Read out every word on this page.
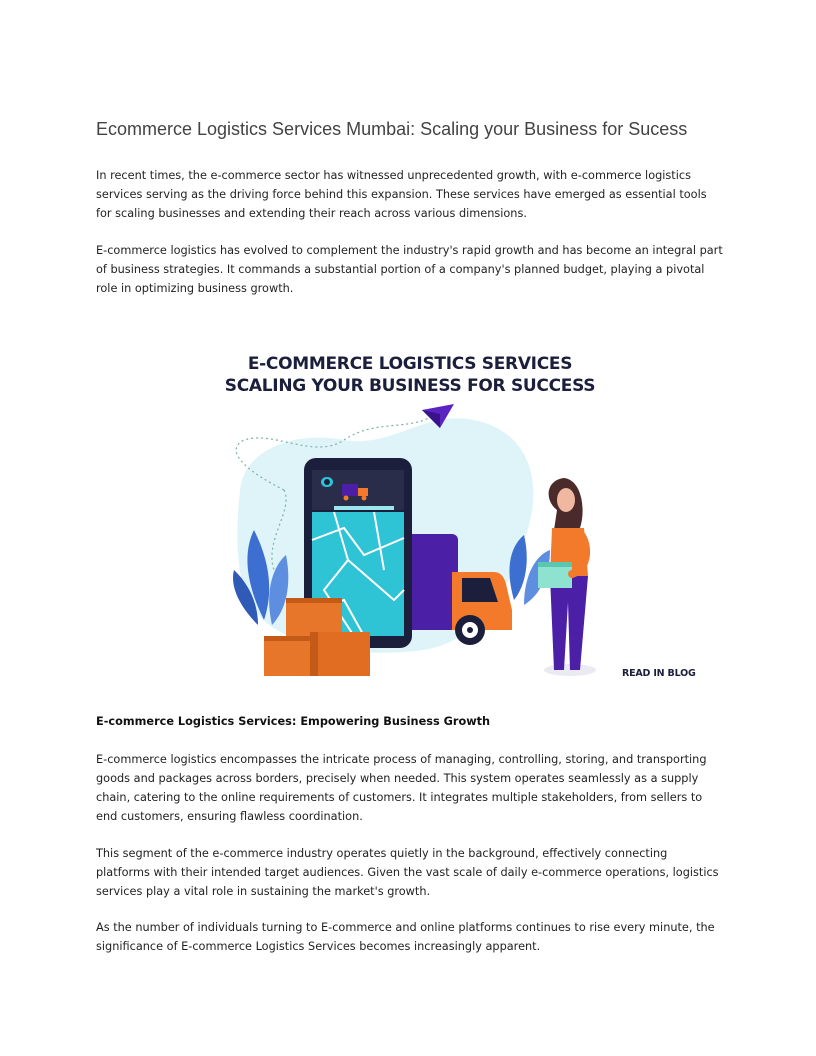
Ecommerce Logistics Services Mumbai: Scaling your Business for Sucess

In recent times, the e-commerce sector has witnessed unprecedented growth, with e-commerce logistics services serving as the driving force behind this expansion. These services have emerged as essential tools for scaling businesses and extending their reach across various dimensions.

E-commerce logistics has evolved to complement the industry's rapid growth and has become an integral part of business strategies. It commands a substantial portion of a company's planned budget, playing a pivotal role in optimizing business growth.

E-COMMERCE LOGISTICS SERVICES
SCALING YOUR BUSINESS FOR SUCCESS
READ IN BLOG

E-commerce Logistics Services: Empowering Business Growth

E-commerce logistics encompasses the intricate process of managing, controlling, storing, and transporting goods and packages across borders, precisely when needed. This system operates seamlessly as a supply chain, catering to the online requirements of customers. It integrates multiple stakeholders, from sellers to end customers, ensuring flawless coordination.

This segment of the e-commerce industry operates quietly in the background, effectively connecting platforms with their intended target audiences. Given the vast scale of daily e-commerce operations, logistics services play a vital role in sustaining the market's growth.

As the number of individuals turning to E-commerce and online platforms continues to rise every minute, the significance of E-commerce Logistics Services becomes increasingly apparent.
